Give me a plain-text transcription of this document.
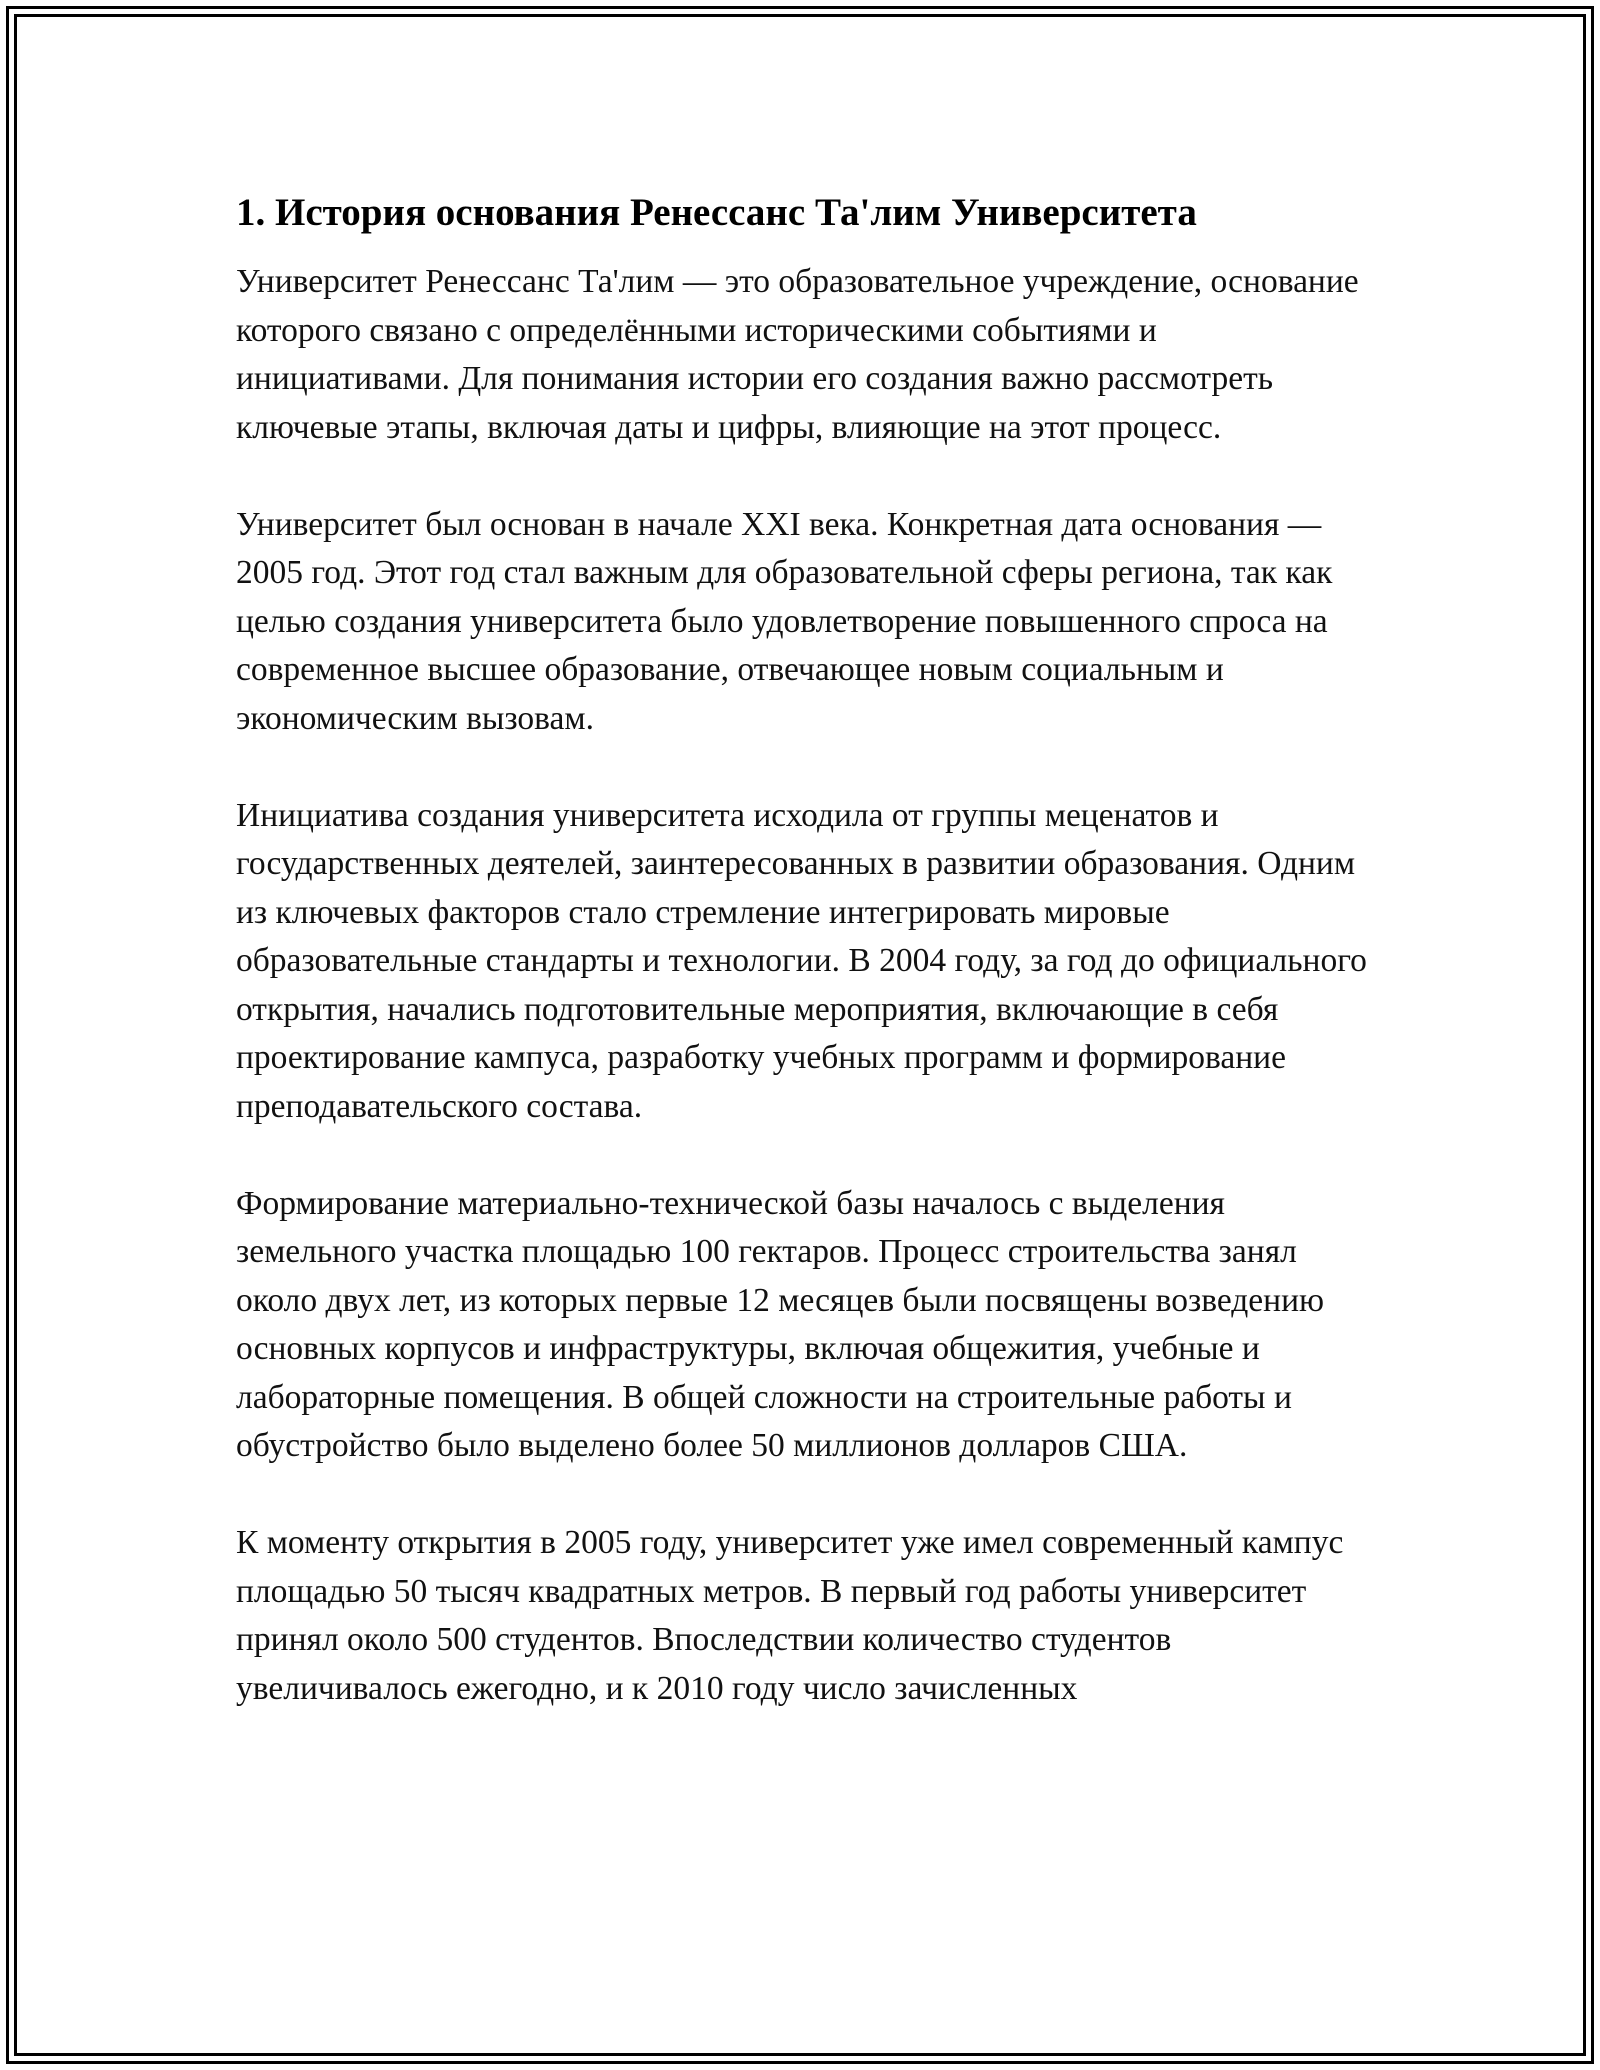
1. История основания Ренессанс Та'лим Университета

Университет Ренессанс Та'лим — это образовательное учреждение, основание которого связано с определёнными историческими событиями и инициативами. Для понимания истории его создания важно рассмотреть ключевые этапы, включая даты и цифры, влияющие на этот процесс.

Университет был основан в начале XXI века. Конкретная дата основания — 2005 год. Этот год стал важным для образовательной сферы региона, так как целью создания университета было удовлетворение повышенного спроса на современное высшее образование, отвечающее новым социальным и экономическим вызовам.

Инициатива создания университета исходила от группы меценатов и государственных деятелей, заинтересованных в развитии образования. Одним из ключевых факторов стало стремление интегрировать мировые образовательные стандарты и технологии. В 2004 году, за год до официального открытия, начались подготовительные мероприятия, включающие в себя проектирование кампуса, разработку учебных программ и формирование преподавательского состава.

Формирование материально-технической базы началось с выделения земельного участка площадью 100 гектаров. Процесс строительства занял около двух лет, из которых первые 12 месяцев были посвящены возведению основных корпусов и инфраструктуры, включая общежития, учебные и лабораторные помещения. В общей сложности на строительные работы и обустройство было выделено более 50 миллионов долларов США.

К моменту открытия в 2005 году, университет уже имел современный кампус площадью 50 тысяч квадратных метров. В первый год работы университет принял около 500 студентов. Впоследствии количество студентов увеличивалось ежегодно, и к 2010 году число зачисленных
